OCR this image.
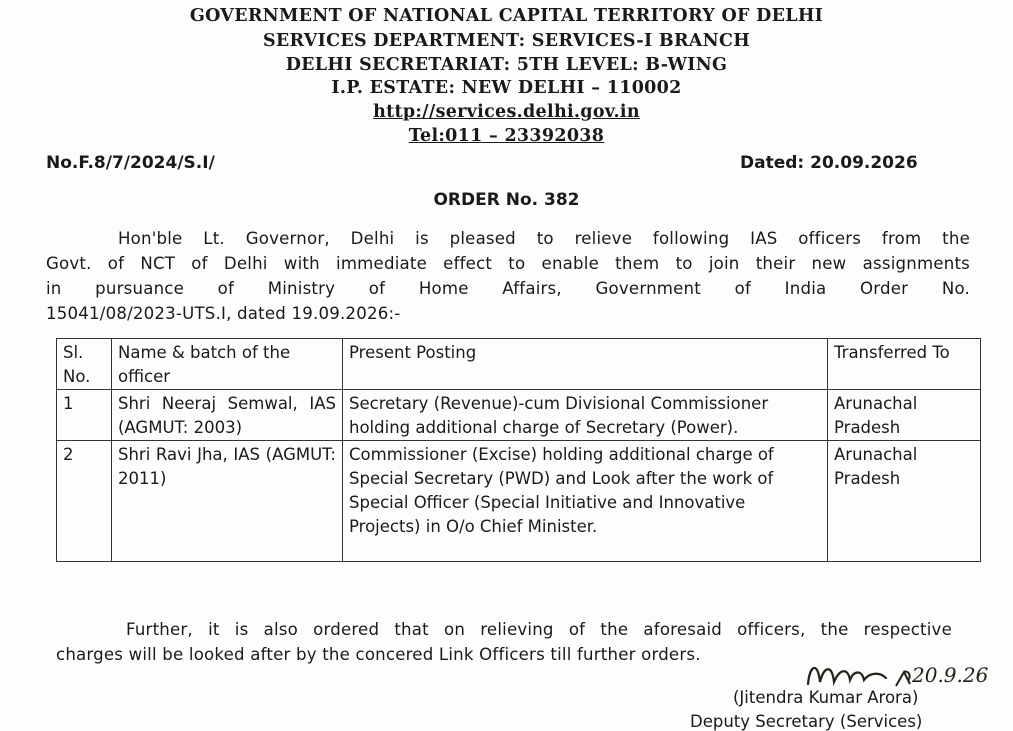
GOVERNMENT OF NATIONAL CAPITAL TERRITORY OF DELHI
SERVICES DEPARTMENT: SERVICES-I BRANCH
DELHI SECRETARIAT: 5TH LEVEL: B-WING
I.P. ESTATE: NEW DELHI – 110002
http://services.delhi.gov.in
Tel:011 – 23392038
No.F.8/7/2024/S.I/	Dated: 20.09.2026
ORDER No. 382
Hon'ble Lt. Governor, Delhi is pleased to relieve following IAS officers from the
Govt. of NCT of Delhi with immediate effect to enable them to join their new assignments
in pursuance of Ministry of Home Affairs, Government of India Order No.
15041/08/2023-UTS.I, dated 19.09.2026:-
Sl. No.	Name & batch of the officer	Present Posting	Transferred To
1	Shri Neeraj Semwal, IAS (AGMUT: 2003)	Secretary (Revenue)-cum Divisional Commissioner holding additional charge of Secretary (Power).	Arunachal Pradesh
2	Shri Ravi Jha, IAS (AGMUT: 2011)	Commissioner (Excise) holding additional charge of Special Secretary (PWD) and Look after the work of Special Officer (Special Initiative and Innovative Projects) in O/o Chief Minister.	Arunachal Pradesh
Further, it is also ordered that on relieving of the aforesaid officers, the respective
charges will be looked after by the concered Link Officers till further orders.
20.9.26
(Jitendra Kumar Arora)
Deputy Secretary (Services)
